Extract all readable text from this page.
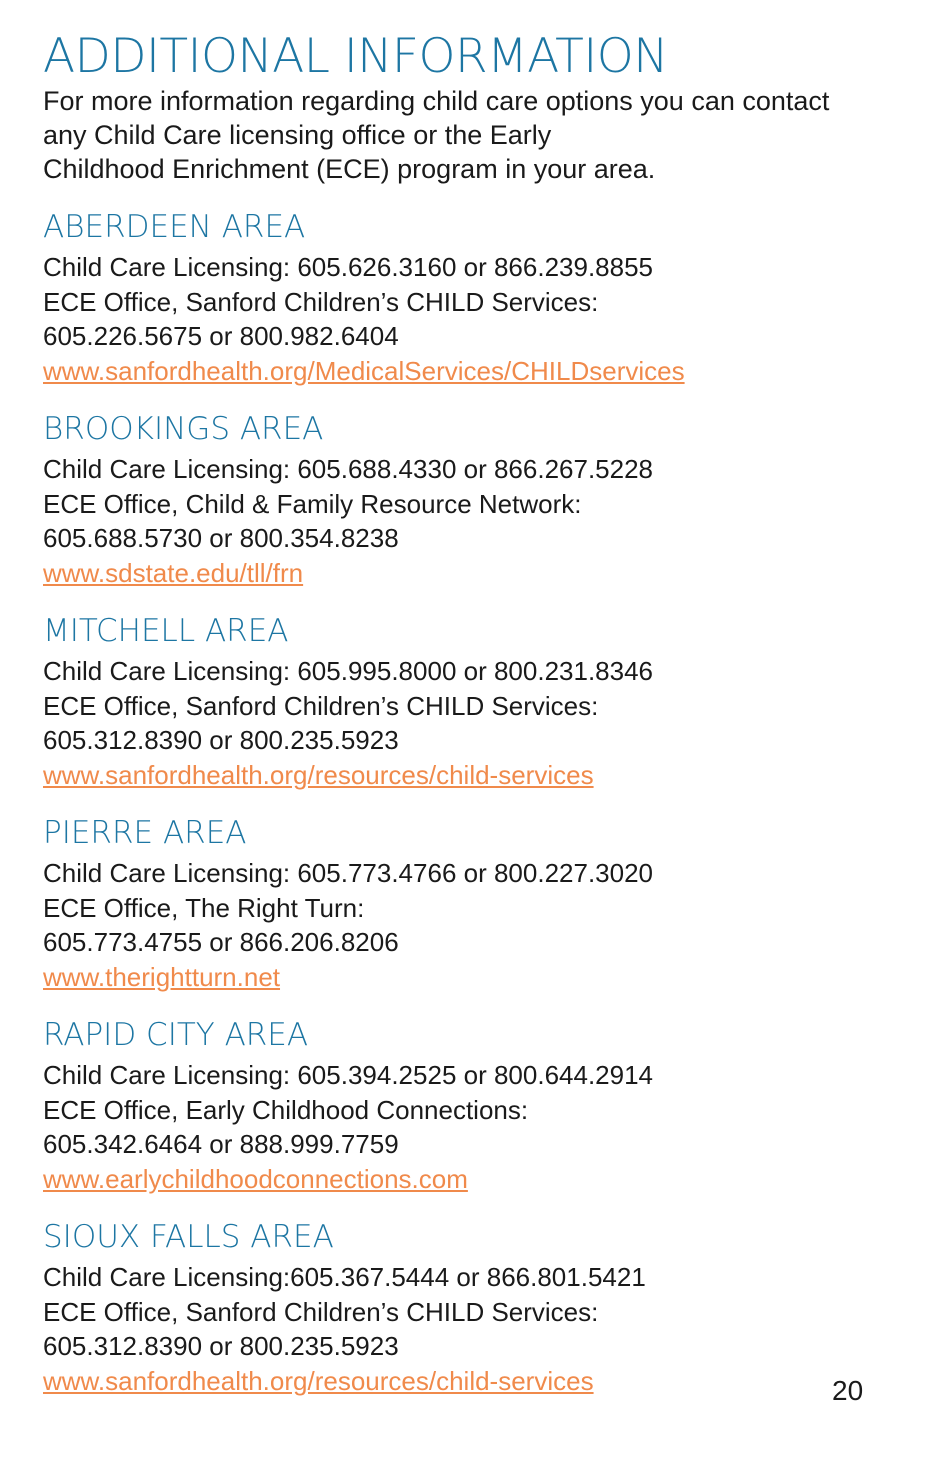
ADDITIONAL INFORMATION

For more information regarding child care options you can contact
any Child Care licensing office or the Early
Childhood Enrichment (ECE) program in your area.

ABERDEEN AREA
Child Care Licensing: 605.626.3160 or 866.239.8855
ECE Office, Sanford Children’s CHILD Services:
605.226.5675 or 800.982.6404
www.sanfordhealth.org/MedicalServices/CHILDservices
BROOKINGS AREA
Child Care Licensing: 605.688.4330 or 866.267.5228
ECE Office, Child & Family Resource Network:
605.688.5730 or 800.354.8238
www.sdstate.edu/tll/frn
MITCHELL AREA
Child Care Licensing: 605.995.8000 or 800.231.8346
ECE Office, Sanford Children’s CHILD Services:
605.312.8390 or 800.235.5923
www.sanfordhealth.org/resources/child-services
PIERRE AREA
Child Care Licensing: 605.773.4766 or 800.227.3020
ECE Office, The Right Turn:
605.773.4755 or 866.206.8206
www.therightturn.net
RAPID CITY AREA
Child Care Licensing: 605.394.2525 or 800.644.2914
ECE Office, Early Childhood Connections:
605.342.6464 or 888.999.7759
www.earlychildhoodconnections.com
SIOUX FALLS AREA
Child Care Licensing:605.367.5444 or 866.801.5421
ECE Office, Sanford Children’s CHILD Services:
605.312.8390 or 800.235.5923
www.sanfordhealth.org/resources/child-services	20
